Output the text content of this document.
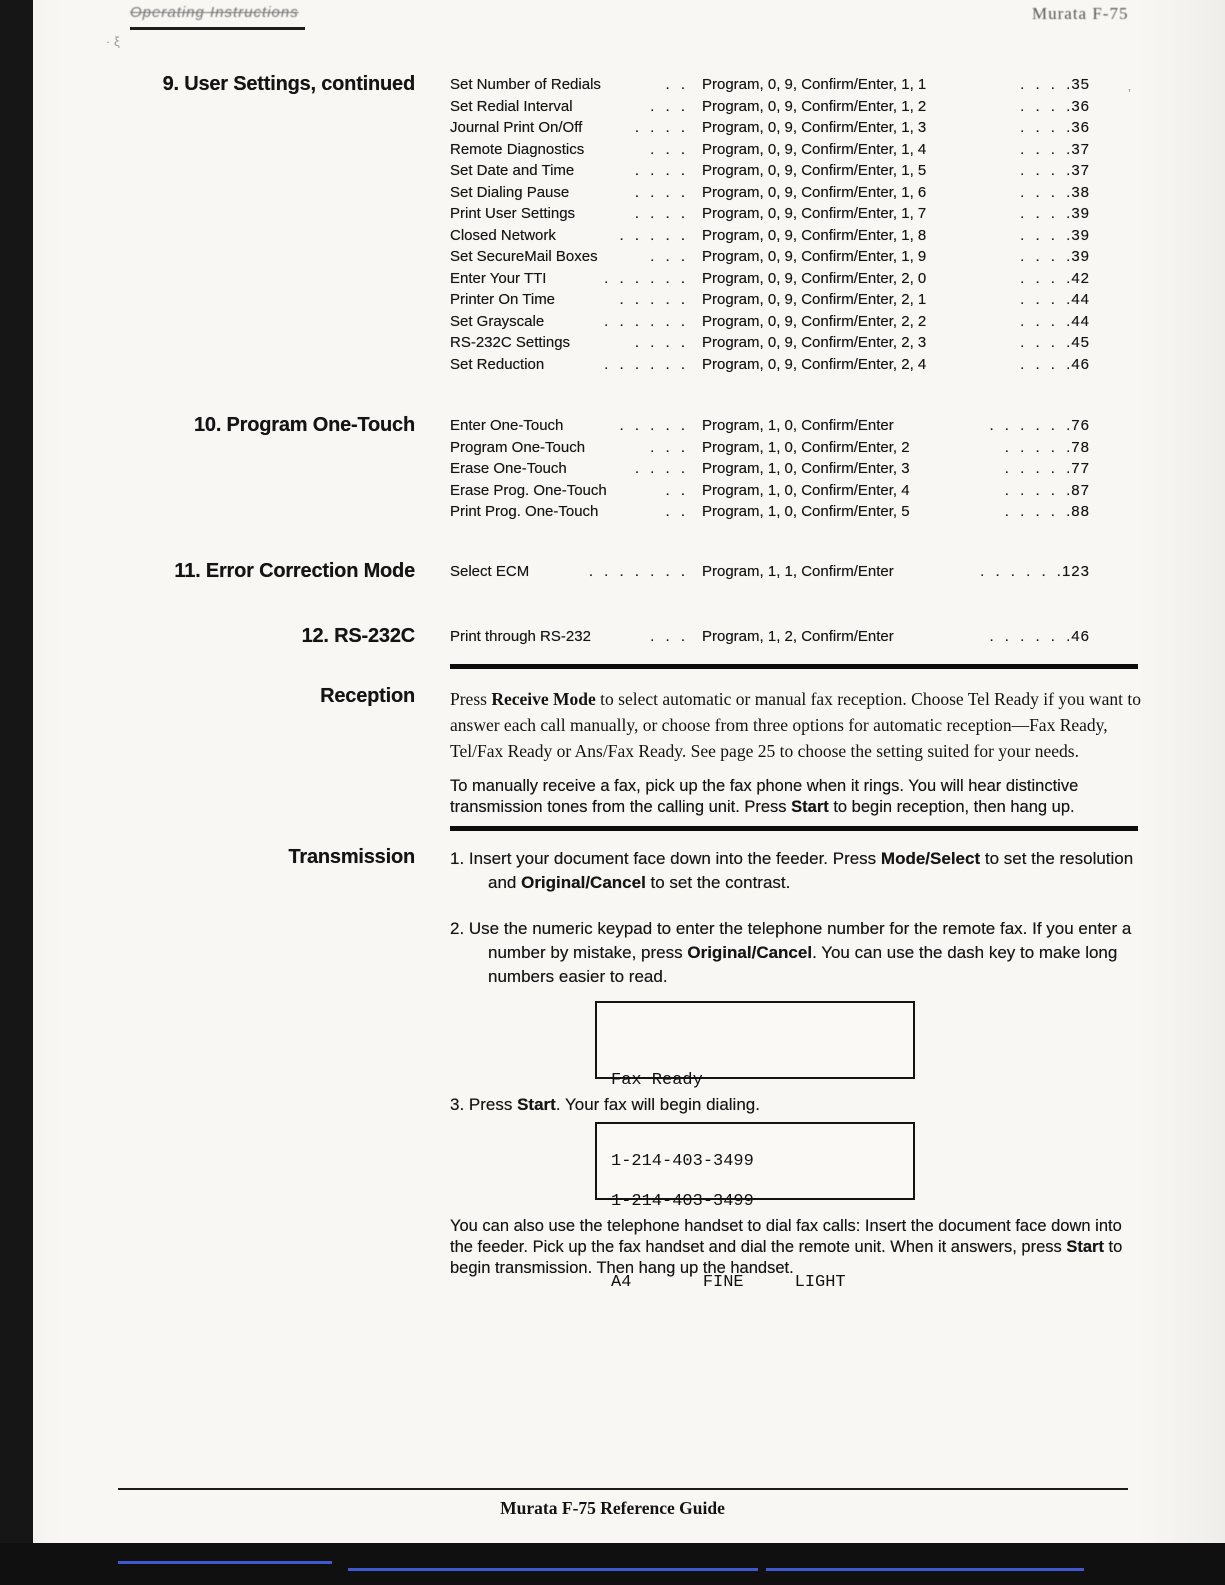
Operating Instructions	Murata F-75
· ξ
’
9. User Settings, continued	Set Number of Redials	. . Program, 0, 9, Confirm/Enter, 1, 1	. . . .35
Set Redial Interval	. . . Program, 0, 9, Confirm/Enter, 1, 2	. . . .36
Journal Print On/Off	. . . . Program, 0, 9, Confirm/Enter, 1, 3	. . . .36
Remote Diagnostics	. . . Program, 0, 9, Confirm/Enter, 1, 4	. . . .37
Set Date and Time	. . . . Program, 0, 9, Confirm/Enter, 1, 5	. . . .37
Set Dialing Pause	. . . . Program, 0, 9, Confirm/Enter, 1, 6	. . . .38
Print User Settings	. . . . Program, 0, 9, Confirm/Enter, 1, 7	. . . .39
Closed Network	. . . . . Program, 0, 9, Confirm/Enter, 1, 8	. . . .39
Set SecureMail Boxes	. . . Program, 0, 9, Confirm/Enter, 1, 9	. . . .39
Enter Your TTI	. . . . . . Program, 0, 9, Confirm/Enter, 2, 0	. . . .42
Printer On Time	. . . . . Program, 0, 9, Confirm/Enter, 2, 1	. . . .44
Set Grayscale	. . . . . . Program, 0, 9, Confirm/Enter, 2, 2	. . . .44
RS-232C Settings	. . . . Program, 0, 9, Confirm/Enter, 2, 3	. . . .45
Set Reduction	. . . . . . Program, 0, 9, Confirm/Enter, 2, 4	. . . .46
10. Program One-Touch	Enter One-Touch	. . . . . Program, 1, 0, Confirm/Enter	. . . . . .76
Program One-Touch	. . . Program, 1, 0, Confirm/Enter, 2	. . . . .78
Erase One-Touch	. . . . Program, 1, 0, Confirm/Enter, 3	. . . . .77
Erase Prog. One-Touch	. . Program, 1, 0, Confirm/Enter, 4	. . . . .87
Print Prog. One-Touch	. . Program, 1, 0, Confirm/Enter, 5	. . . . .88
11. Error Correction Mode	Select ECM	. . . . . . . Program, 1, 1, Confirm/Enter	. . . . . .123
12. RS-232C	Print through RS-232	. . . Program, 1, 2, Confirm/Enter	. . . . . .46
Reception	Press Receive Mode to select automatic or manual fax reception. Choose Tel Ready if you want to answer each call manually, or choose from three options for automatic reception—Fax Ready, Tel/Fax Ready or Ans/Fax Ready. See page 25 to choose the setting suited for your needs.
To manually receive a fax, pick up the fax phone when it rings. You will hear distinctive transmission tones from the calling unit. Press Start to begin reception, then hang up.
Transmission	1. Insert your document face down into the feeder. Press Mode/Select to set the resolution and Original/Cancel to set the contrast.
2. Use the numeric keypad to enter the telephone number for the remote fax. If you enter a number by mistake, press Original/Cancel. You can use the dash key to make long numbers easier to read.

Fax Ready

1-214-403-3499

3. Press Start. Your fax will begin dialing.

1-214-403-3499

A4       FINE     LIGHT

You can also use the telephone handset to dial fax calls: Insert the document face down into the feeder. Pick up the fax handset and dial the remote unit. When it answers, press Start to begin transmission. Then hang up the handset.
Murata F-75 Reference Guide
